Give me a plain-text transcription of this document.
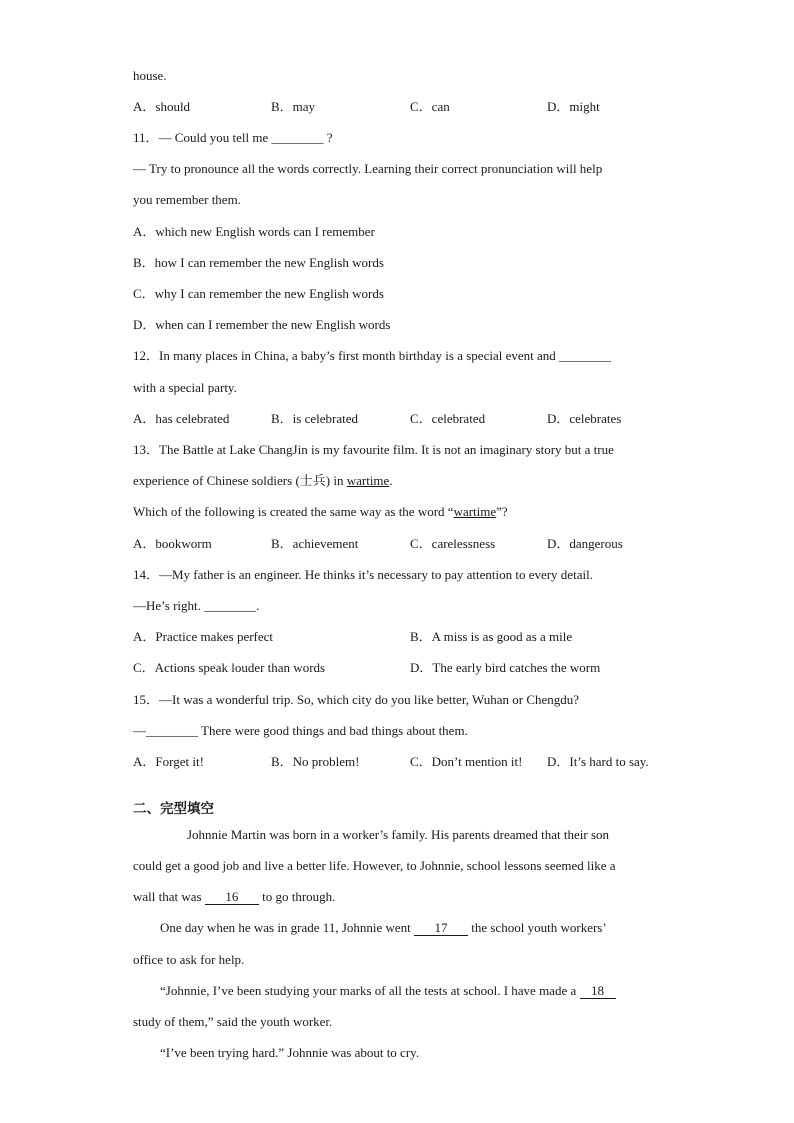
house.
A．should	B．may	C．can	D．might
11．— Could you tell me ________ ?
— Try to pronounce all the words correctly. Learning their correct pronunciation will help
you remember them.
A．which new English words can I remember
B．how I can remember the new English words
C．why I can remember the new English words
D．when can I remember the new English words
12．In many places in China, a baby’s first month birthday is a special event and ________
with a special party.
A．has celebrated	B．is celebrated	C．celebrated	D．celebrates
13．The Battle at Lake ChangJin is my favourite film. It is not an imaginary story but a true
experience of Chinese soldiers (士兵) in wartime.
Which of the following is created the same way as the word “wartime”?
A．bookworm	B．achievement	C．carelessness	D．dangerous
14．—My father is an engineer. He thinks it’s necessary to pay attention to every detail.
—He’s right. ________.
A．Practice makes perfect	B．A miss is as good as a mile
C．Actions speak louder than words	D．The early bird catches the worm
15．—It was a wonderful trip. So, which city do you like better, Wuhan or Chengdu?
—________ There were good things and bad things about them.
A．Forget it!	B．No problem!	C．Don’t mention it! D．It’s hard to say.
二、完型填空
Johnnie Martin was born in a worker’s family. His parents dreamed that their son
could get a good job and live a better life. However, to Johnnie, school lessons seemed like a
wall that was 16 to go through.
One day when he was in grade 11, Johnnie went 17 the school youth workers’
office to ask for help.
“Johnnie, I’ve been studying your marks of all the tests at school. I have made a 18
study of them,” said the youth worker.
“I’ve been trying hard.” Johnnie was about to cry.
